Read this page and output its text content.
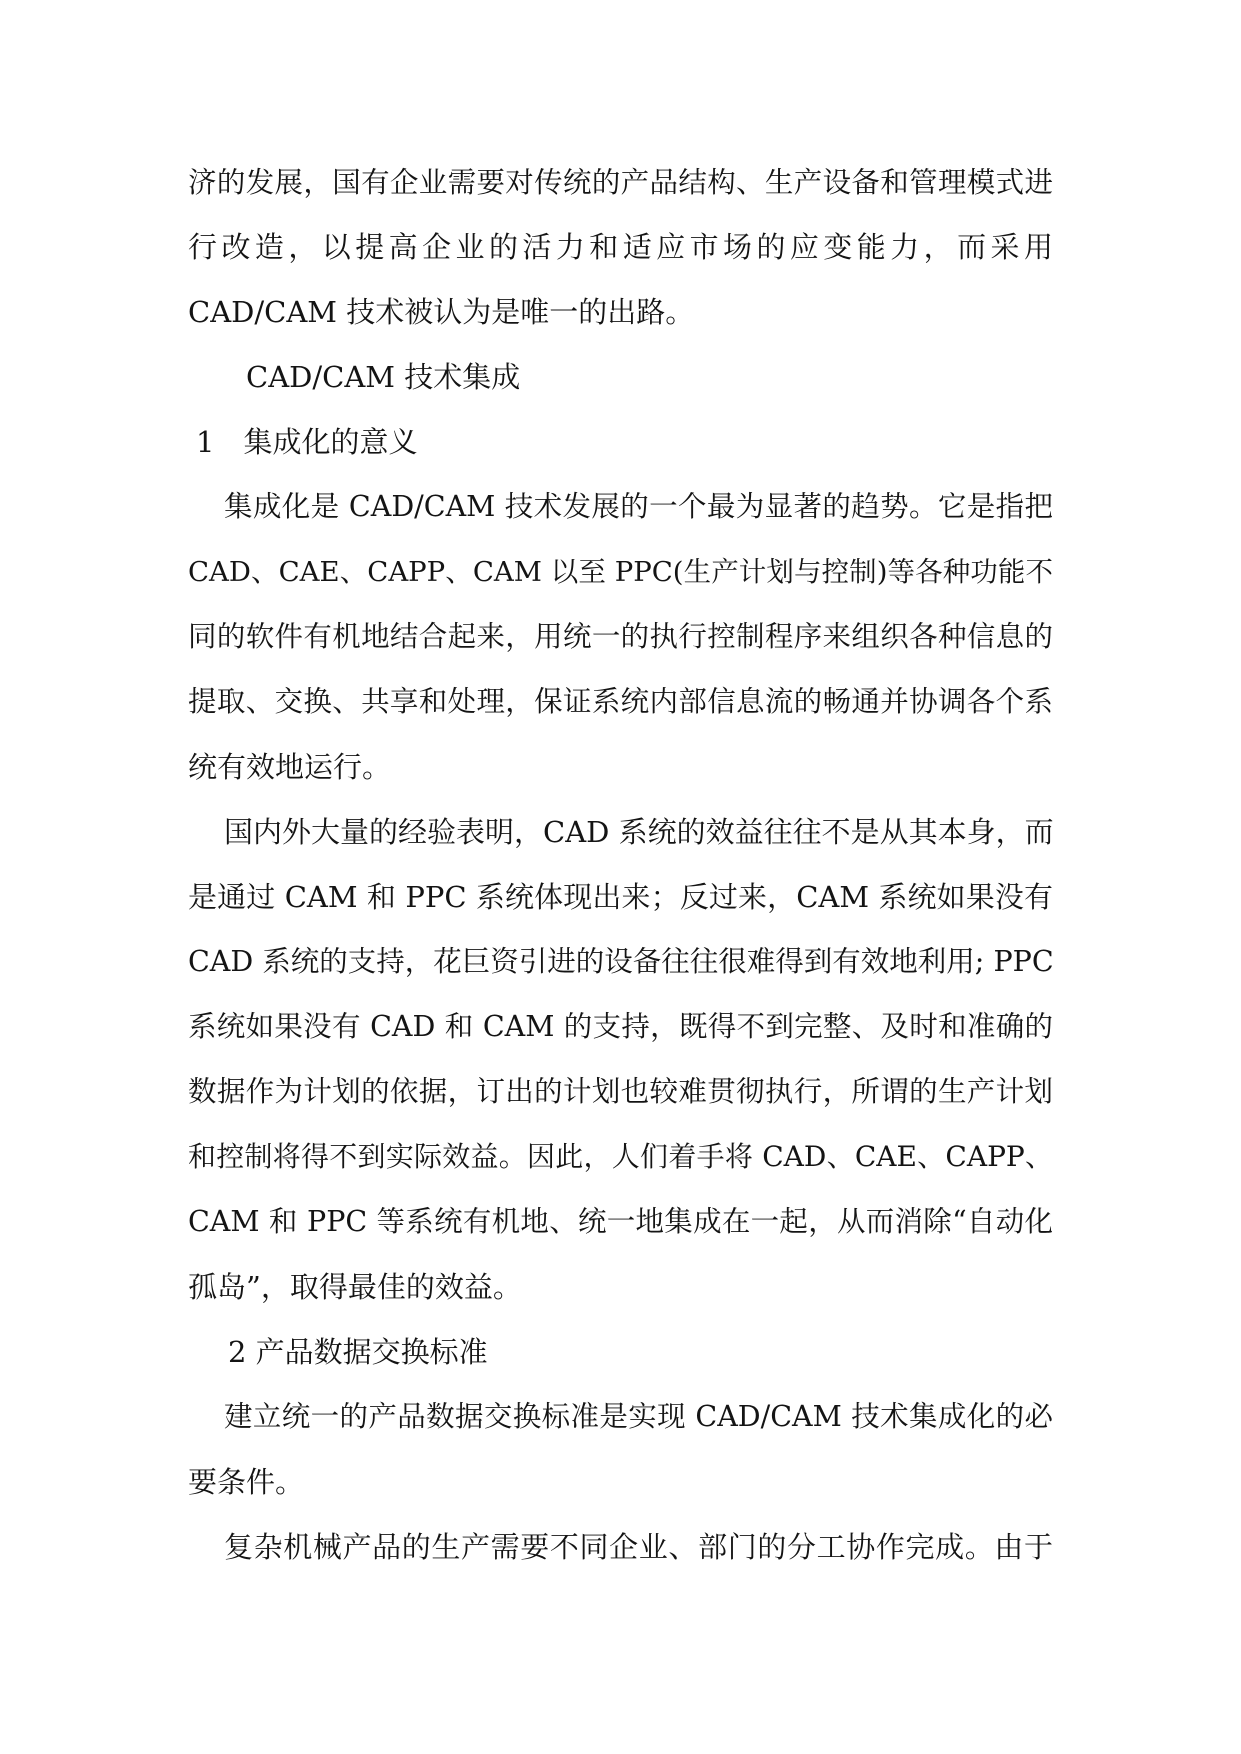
济的发展，国有企业需要对传统的产品结构、生产设备和管理模式进
行改造，以提高企业的活力和适应市场的应变能力，而采用
CAD/CAM 技术被认为是唯一的出路。
CAD/CAM 技术集成
1　集成化的意义
集成化是 CAD/CAM 技术发展的一个最为显著的趋势。它是指把
CAD、CAE、CAPP、CAM 以至 PPC(生产计划与控制)等各种功能不
同的软件有机地结合起来，用统一的执行控制程序来组织各种信息的
提取、交换、共享和处理，保证系统内部信息流的畅通并协调各个系
统有效地运行。
国内外大量的经验表明，CAD 系统的效益往往不是从其本身，而
是通过 CAM 和 PPC 系统体现出来；反过来，CAM 系统如果没有
CAD 系统的支持，花巨资引进的设备往往很难得到有效地利用; PPC
系统如果没有 CAD 和 CAM 的支持，既得不到完整、及时和准确的
数据作为计划的依据，订出的计划也较难贯彻执行，所谓的生产计划
和控制将得不到实际效益。因此，人们着手将 CAD、CAE、CAPP、
CAM 和 PPC 等系统有机地、统一地集成在一起，从而消除“自动化
孤岛”，取得最佳的效益。
2 产品数据交换标准
建立统一的产品数据交换标准是实现 CAD/CAM 技术集成化的必
要条件。
复杂机械产品的生产需要不同企业、部门的分工协作完成。由于
